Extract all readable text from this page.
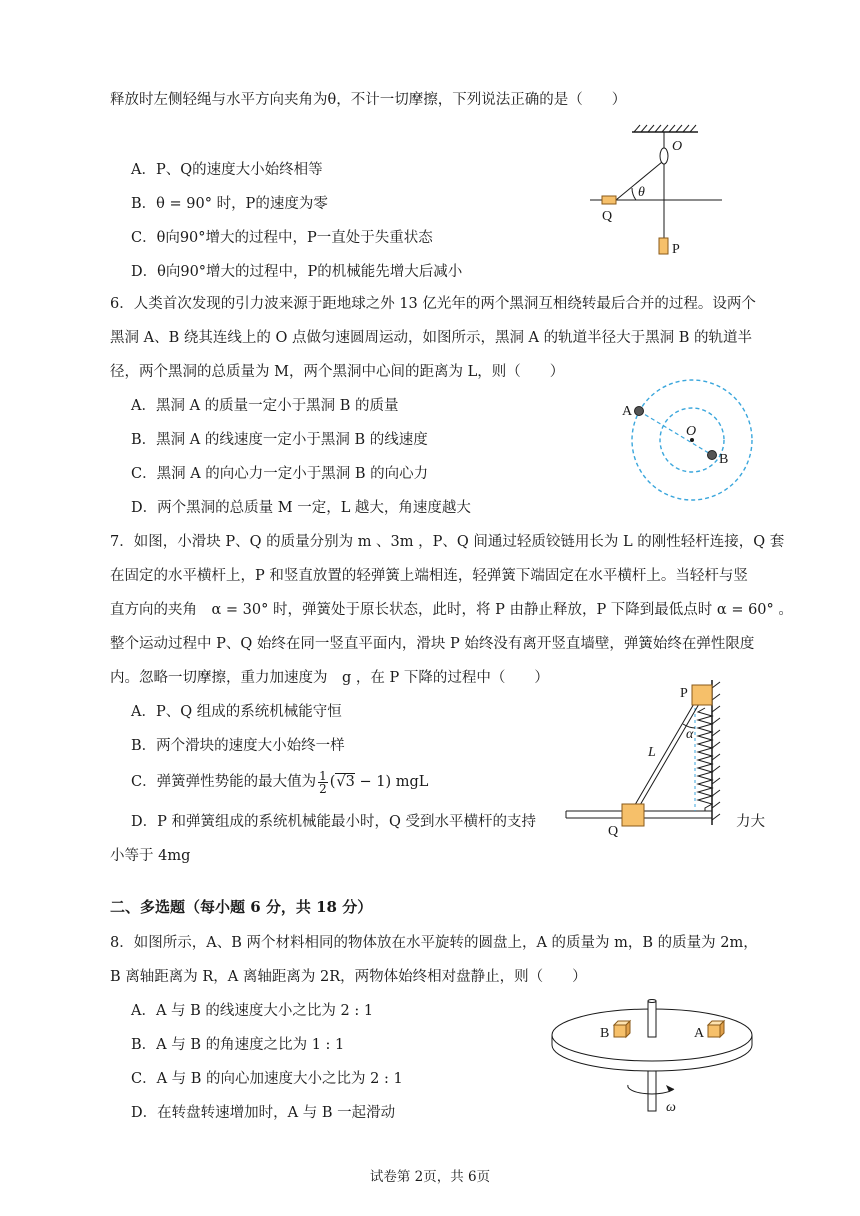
释放时左侧轻绳与水平方向夹角为θ，不计一切摩擦，下列说法正确的是（　　）
A．P、Q的速度大小始终相等
B．θ = 90° 时，P的速度为零
C．θ向90°增大的过程中，P一直处于失重状态
D．θ向90°增大的过程中，P的机械能先增大后减小
O
θ
Q
P
6．人类首次发现的引力波来源于距地球之外 13 亿光年的两个黑洞互相绕转最后合并的过程。设两个
黑洞 A、B 绕其连线上的 O 点做匀速圆周运动，如图所示，黑洞 A 的轨道半径大于黑洞 B 的轨道半
径，两个黑洞的总质量为 M，两个黑洞中心间的距离为 L，则（　　）
A．黑洞 A 的质量一定小于黑洞 B 的质量
B．黑洞 A 的线速度一定小于黑洞 B 的线速度
C．黑洞 A 的向心力一定小于黑洞 B 的向心力
D．两个黑洞的总质量 M 一定，L 越大，角速度越大
A
O
B
7．如图，小滑块 P、Q 的质量分别为 m 、3m ，P、Q 间通过轻质铰链用长为 L 的刚性轻杆连接，Q 套
在固定的水平横杆上，P 和竖直放置的轻弹簧上端相连，轻弹簧下端固定在水平横杆上。当轻杆与竖
直方向的夹角　α = 30° 时，弹簧处于原长状态，此时，将 P 由静止释放，P 下降到最低点时 α = 60° 。
整个运动过程中 P、Q 始终在同一竖直平面内，滑块 P 始终没有离开竖直墙壁，弹簧始终在弹性限度
内。忽略一切摩擦，重力加速度为　g ，在 P 下降的过程中（　　）
A．P、Q 组成的系统机械能守恒
B．两个滑块的速度大小始终一样
C．弹簧弹性势能的最大值为 $\frac{1}{2} (√3 - 1)$ mgL
D．P 和弹簧组成的系统机械能最小时，Q 受到水平横杆的支持	力大
小等于 4mg
P
α
L
Q
二、多选题（每小题 6 分，共 18 分）
8．如图所示，A、B 两个材料相同的物体放在水平旋转的圆盘上，A 的质量为 m，B 的质量为 2m，
B 离轴距离为 R，A 离轴距离为 2R，两物体始终相对盘静止，则（　　）
A．A 与 B 的线速度大小之比为 2 : 1
B．A 与 B 的角速度之比为 1 : 1
C．A 与 B 的向心加速度大小之比为 2 : 1
D．在转盘转速增加时，A 与 B 一起滑动
B	A
ω
试卷第 2页，共 6页
